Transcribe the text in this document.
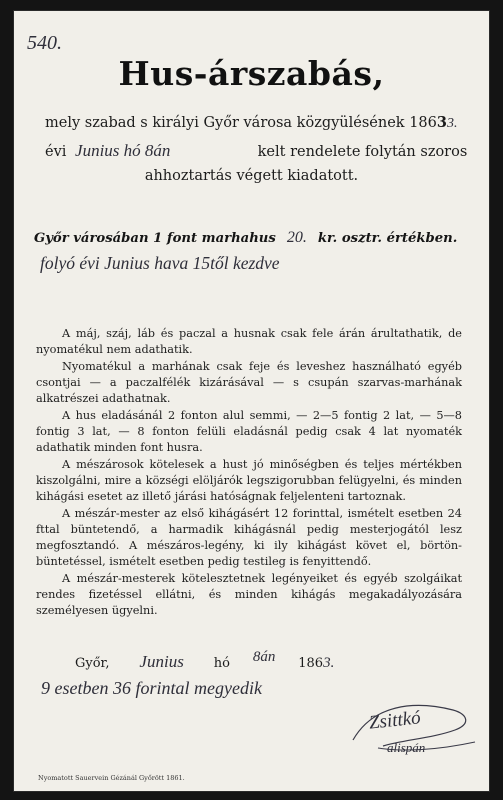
540.
Hus-árszabás,
mely szabad s királyi Győr városa közgyülésének 18633.
évi Junius hó 8án	kelt rendelete folytán szoros
ahhoztartás végett kiadatott.
Győr városában 1 font marhahus 20. kr. osztr. értékben.
folyó évi Junius hava 15től kezdve

A máj, száj, láb és paczal a husnak csak fele árán árultathatik, de nyomatékul nem adathatik.

Nyomatékul a marhának csak feje és leveshez használható egyéb csontjai — a paczalfélék kizárásával — s csupán szarvas-marhának alkatrészei adathatnak.

A hus eladásánál 2 fonton alul semmi, — 2—5 fontig 2 lat, — 5—8 fontig 3 lat, — 8 fonton felüli eladásnál pedig csak 4 lat nyomaték adathatik minden font husra.

A mészárosok kötelesek a hust jó minőségben és teljes mértékben kiszolgálni, mire a községi elöljárók legszigorubban felügyelni, és minden kihágási esetet az illető járási hatóságnak feljelenteni tartoznak.

A mészár-mester az első kihágásért 12 forinttal, ismételt esetben 24 fttal büntetendő, a harmadik kihágásnál pedig mesterjogától lesz megfosztandó. A mészáros-legény, ki ily kihágást követ el, börtön-büntetéssel, ismételt esetben pedig testileg is fenyittendő.

A mészár-mesterek kötelesztetnek legényeiket és egyéb szolgáikat rendes fizetéssel ellátni, és minden kihágás megakadályozására személyesen ügyelni.

Győr, Junius hó 8án 1863.
9 esetben 36 forintal megyedik
Zsittkó
alispán
Nyomatott Sauervein Gézánál Győrött 1861.
